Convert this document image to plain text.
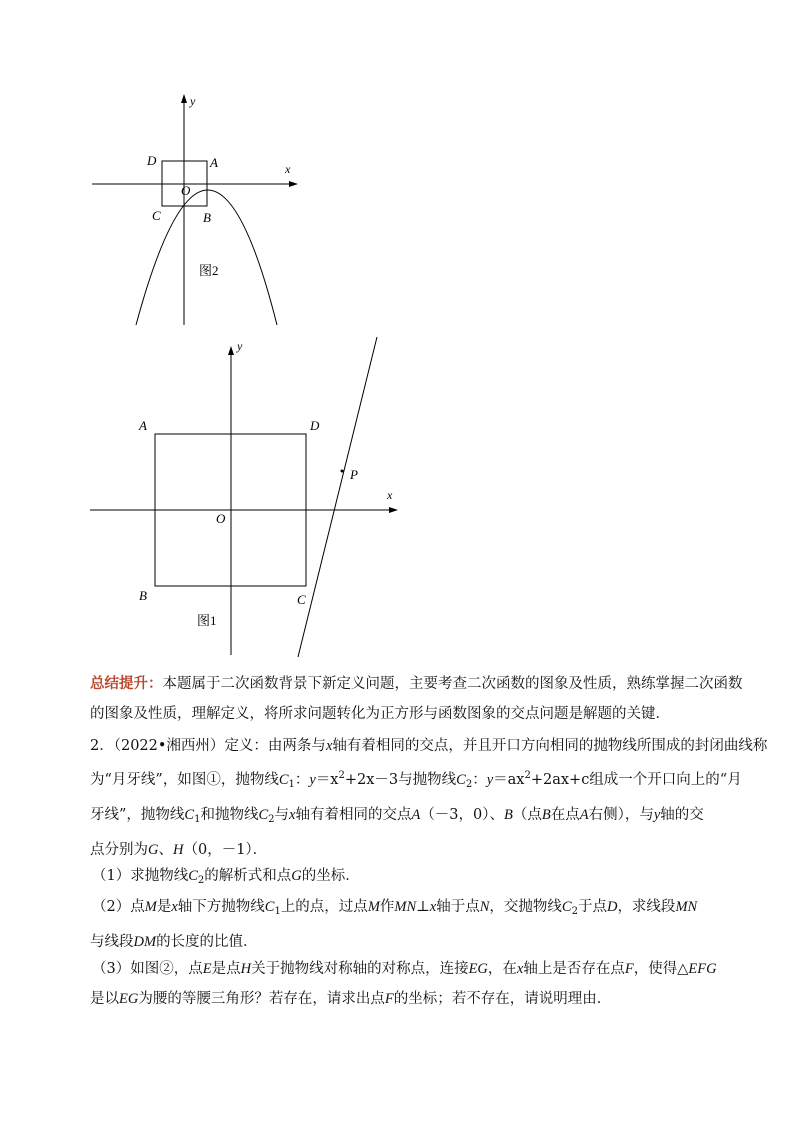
y
x
D	A
O
C	B
图2
y
x
A	D
P
O
B	C
图1
总结提升：本题属于二次函数背景下新定义问题，主要考查二次函数的图象及性质，熟练掌握二次函数
的图象及性质，理解定义，将所求问题转化为正方形与函数图象的交点问题是解题的关键．
2．（2022•湘西州）定义：由两条与x轴有着相同的交点，并且开口方向相同的抛物线所围成的封闭曲线称
为“月牙线”，如图①，抛物线$C_1$：$y=x^2+2x-3$与抛物线$C_2$：$y=ax^2+2ax+c$组成一个开口向上的“月
牙线”，抛物线$C_1$和抛物线$C_2$与x轴有着相同的交点A（－3，0）、B（点B在点A右侧），与y轴的交
点分别为G、H（0，－1）．
（1）求抛物线$C_2$的解析式和点G的坐标．
（2）点M是x轴下方抛物线$C_1$上的点，过点M作MN⊥x轴于点N，交抛物线$C_2$于点D，求线段MN
与线段DM的长度的比值．
（3）如图②，点E是点H关于抛物线对称轴的对称点，连接EG，在x轴上是否存在点F，使得△EFG
是以EG为腰的等腰三角形？若存在，请求出点F的坐标；若不存在，请说明理由．
